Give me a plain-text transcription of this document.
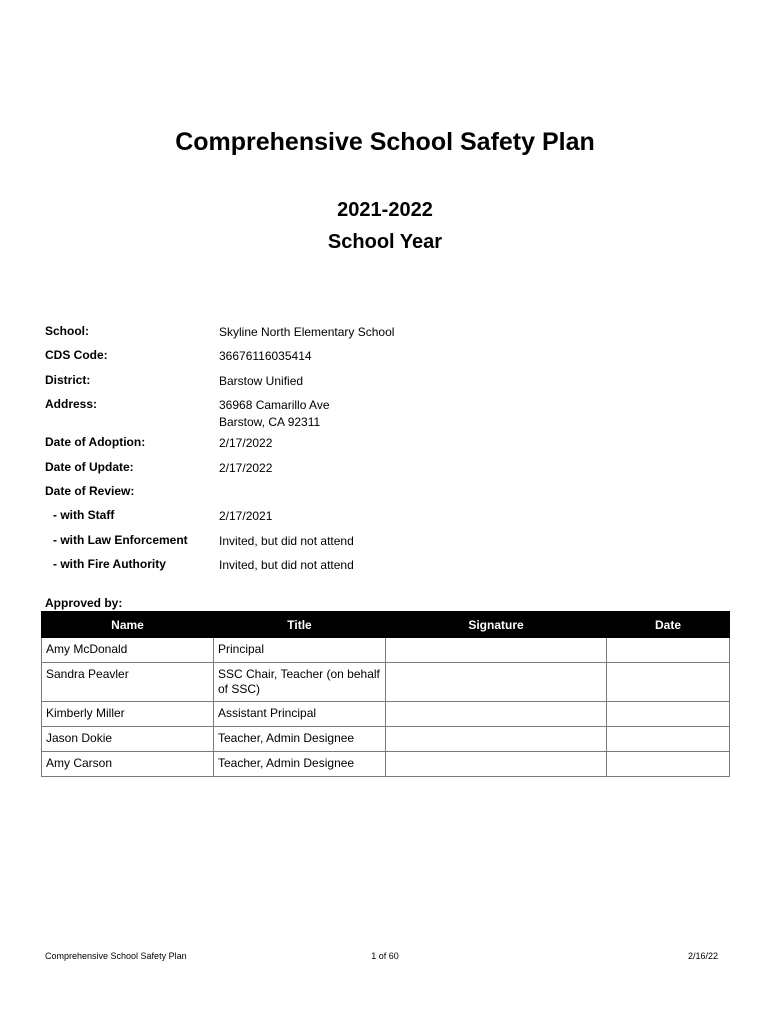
Comprehensive School Safety Plan
2021-2022
School Year
School:	Skyline North Elementary School
CDS Code:	36676116035414
District:	Barstow Unified
Address:	36968 Camarillo Ave
Barstow, CA 92311
Date of Adoption:	2/17/2022
Date of Update:	2/17/2022
Date of Review:
- with Staff	2/17/2021
- with Law Enforcement	Invited, but did not attend
- with Fire Authority	Invited, but did not attend
Approved by:
Name	Title	Signature	Date
Amy McDonald	Principal		
Sandra Peavler	SSC Chair, Teacher (on behalf of SSC)		
Kimberly Miller	Assistant Principal		
Jason Dokie	Teacher, Admin Designee		
Amy Carson	Teacher, Admin Designee		
Comprehensive School Safety Plan	1 of 60	2/16/22
